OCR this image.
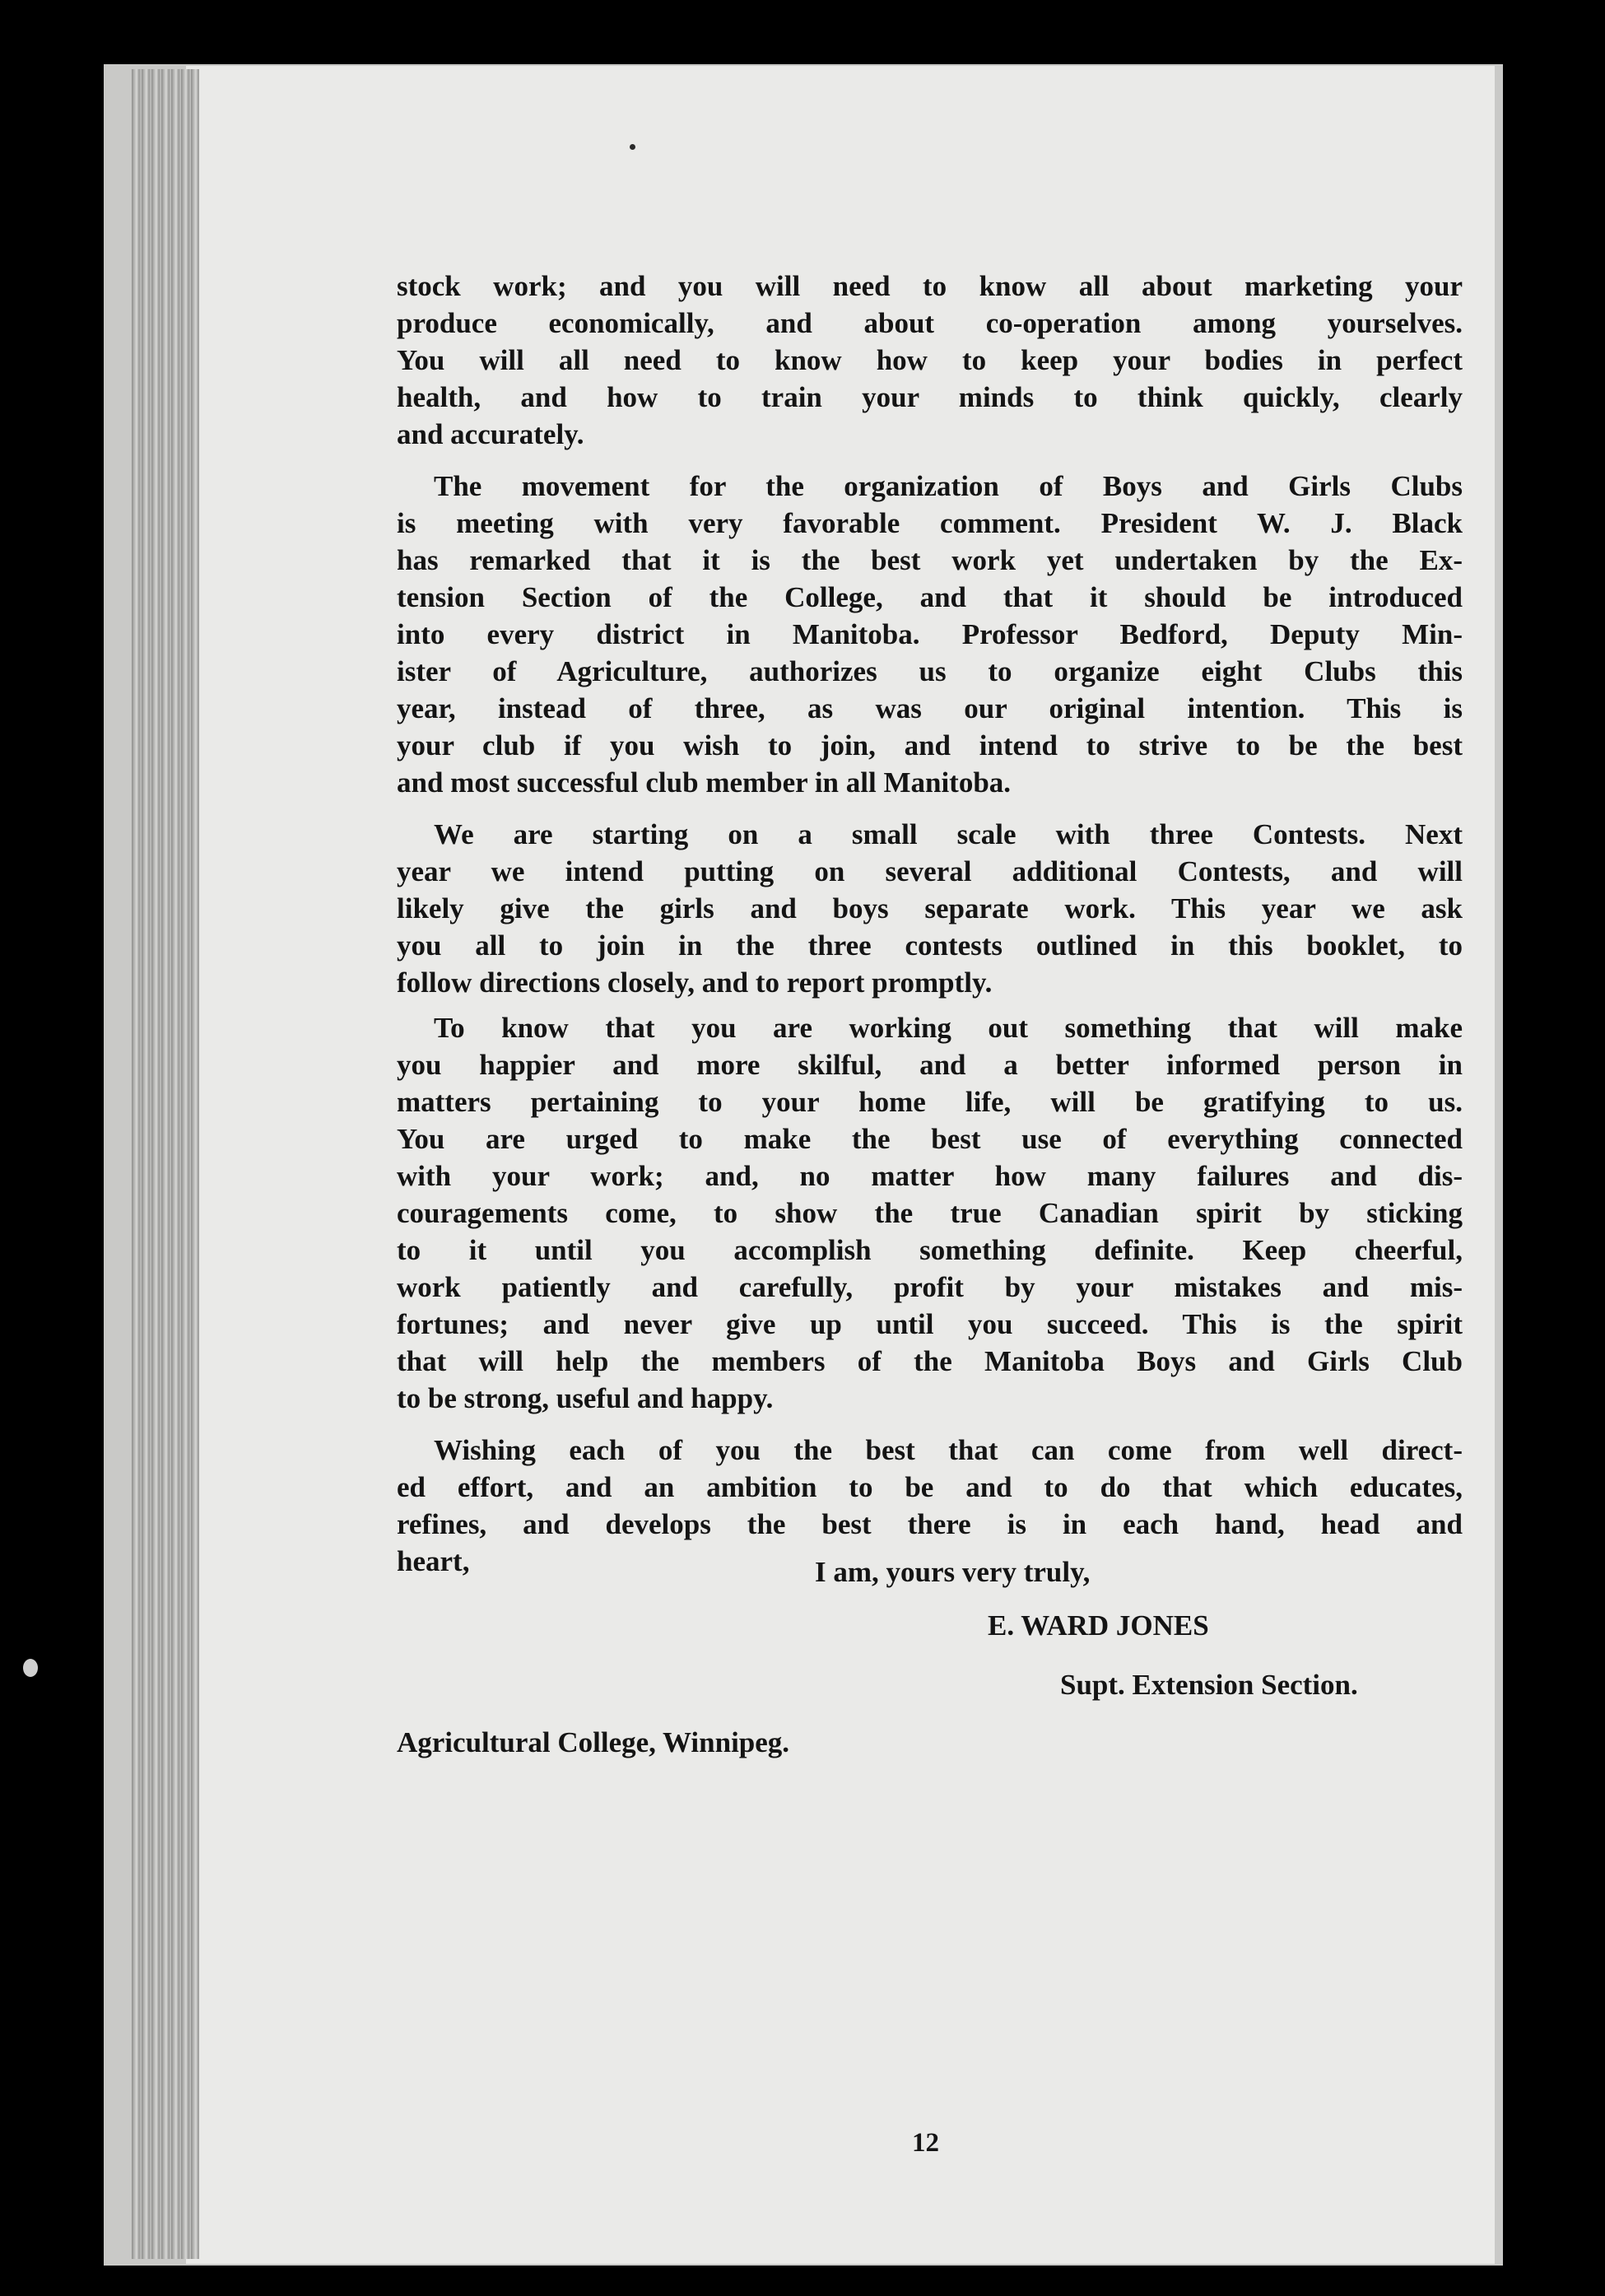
stock work; and you will need to know all about marketing your
produce economically, and about co-operation among yourselves.
You will all need to know how to keep your bodies in perfect
health, and how to train your minds to think quickly, clearly
and accurately.

The movement for the organization of Boys and Girls Clubs
is meeting with very favorable comment. President W. J. Black
has remarked that it is the best work yet undertaken by the Ex-
tension Section of the College, and that it should be introduced
into every district in Manitoba. Professor Bedford, Deputy Min-
ister of Agriculture, authorizes us to organize eight Clubs this
year, instead of three, as was our original intention. This is
your club if you wish to join, and intend to strive to be the best
and most successful club member in all Manitoba.

We are starting on a small scale with three Contests. Next
year we intend putting on several additional Contests, and will
likely give the girls and boys separate work. This year we ask
you all to join in the three contests outlined in this booklet, to
follow directions closely, and to report promptly.

To know that you are working out something that will make
you happier and more skilful, and a better informed person in
matters pertaining to your home life, will be gratifying to us.
You are urged to make the best use of everything connected
with your work; and, no matter how many failures and dis-
couragements come, to show the true Canadian spirit by sticking
to it until you accomplish something definite. Keep cheerful,
work patiently and carefully, profit by your mistakes and mis-
fortunes; and never give up until you succeed. This is the spirit
that will help the members of the Manitoba Boys and Girls Club
to be strong, useful and happy.

Wishing each of you the best that can come from well direct-
ed effort, and an ambition to be and to do that which educates,
refines, and develops the best there is in each hand, head and
heart,	I am, yours very truly,
E. WARD JONES
Supt. Extension Section.
Agricultural College, Winnipeg.
12
